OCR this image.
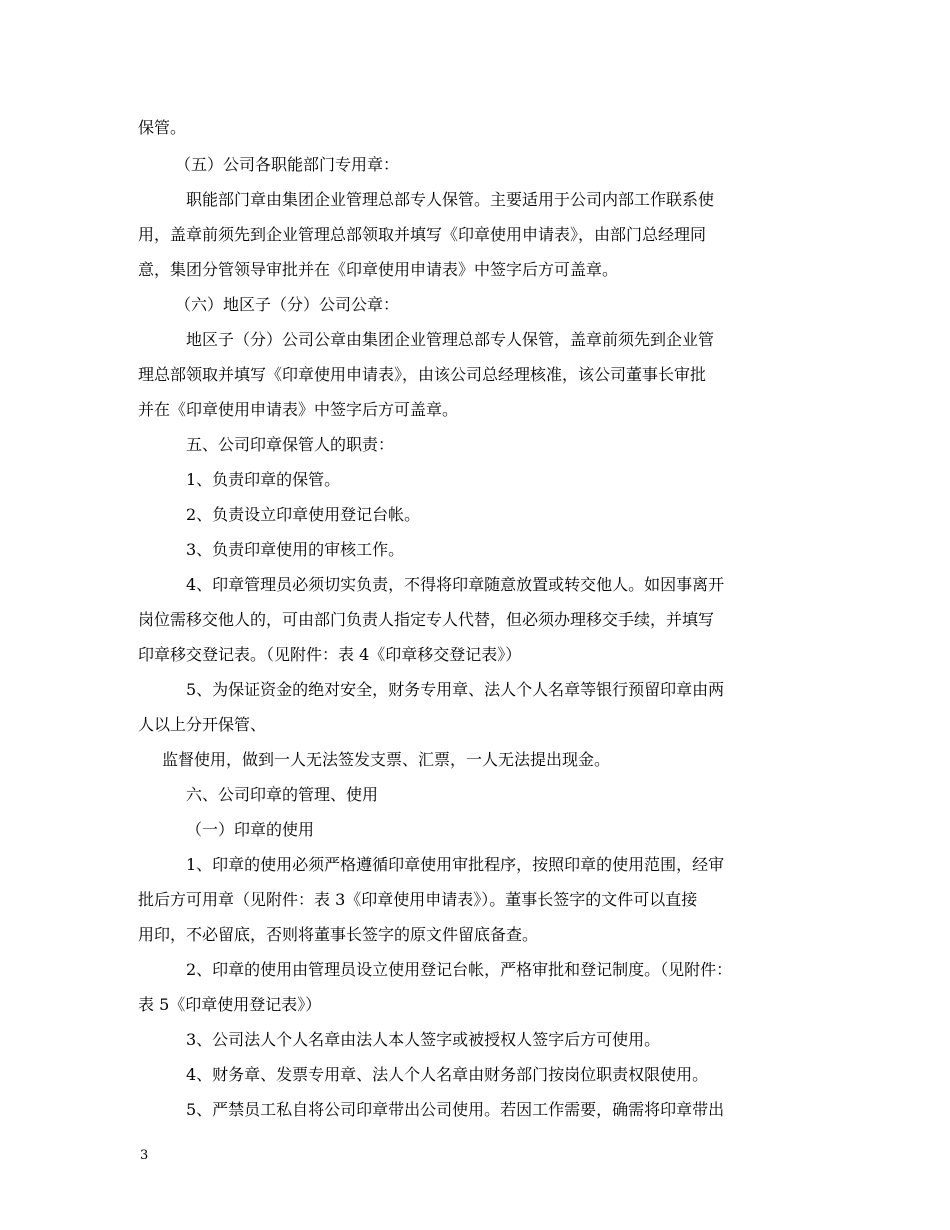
保管。
（五）公司各职能部门专用章：
职能部门章由集团企业管理总部专人保管。主要适用于公司内部工作联系使
用，盖章前须先到企业管理总部领取并填写《印章使用申请表》，由部门总经理同
意，集团分管领导审批并在《印章使用申请表》中签字后方可盖章。
（六）地区子（分）公司公章：
地区子（分）公司公章由集团企业管理总部专人保管，盖章前须先到企业管
理总部领取并填写《印章使用申请表》，由该公司总经理核准，该公司董事长审批
并在《印章使用申请表》中签字后方可盖章。
五、公司印章保管人的职责：
1、负责印章的保管。
2、负责设立印章使用登记台帐。
3、负责印章使用的审核工作。
4、印章管理员必须切实负责，不得将印章随意放置或转交他人。如因事离开
岗位需移交他人的，可由部门负责人指定专人代替，但必须办理移交手续，并填写
印章移交登记表。（见附件：表 4《印章移交登记表》）
5、为保证资金的绝对安全，财务专用章、法人个人名章等银行预留印章由两
人以上分开保管、
监督使用，做到一人无法签发支票、汇票，一人无法提出现金。
六、公司印章的管理、使用
（一）印章的使用
1、印章的使用必须严格遵循印章使用审批程序，按照印章的使用范围，经审
批后方可用章（见附件：表 3《印章使用申请表》）。董事长签字的文件可以直接
用印，不必留底，否则将董事长签字的原文件留底备查。
2、印章的使用由管理员设立使用登记台帐，严格审批和登记制度。（见附件：
表 5《印章使用登记表》）
3、公司法人个人名章由法人本人签字或被授权人签字后方可使用。
4、财务章、发票专用章、法人个人名章由财务部门按岗位职责权限使用。
5、严禁员工私自将公司印章带出公司使用。若因工作需要，确需将印章带出
3
